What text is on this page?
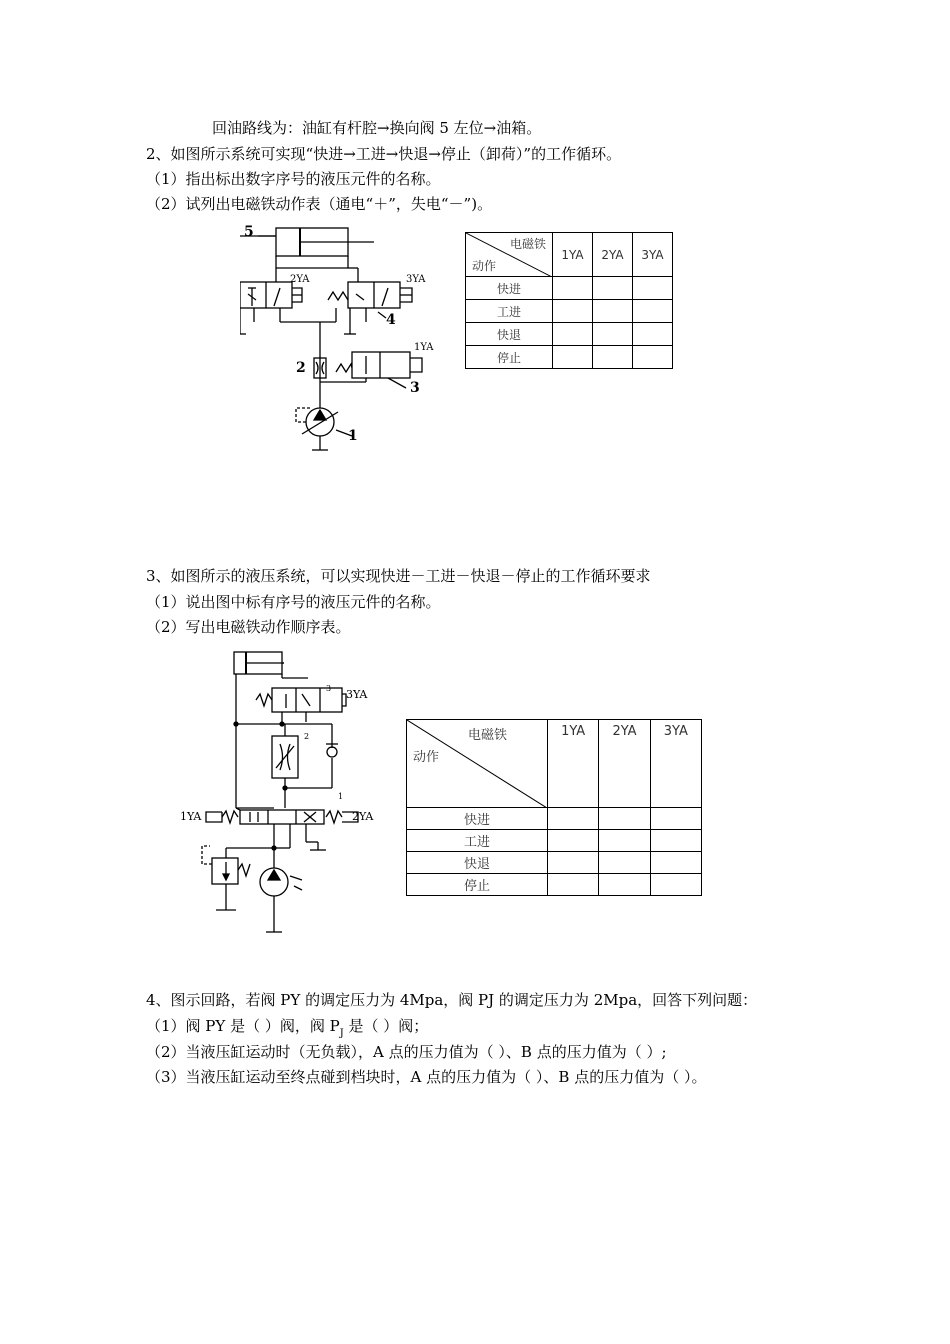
回油路线为：油缸有杆腔→换向阀 5 左位→油箱。
2、如图所示系统可实现“快进→工进→快退→停止（卸荷）”的工作循环。
（1）指出标出数字序号的液压元件的名称。
（2）试列出电磁铁动作表（通电“＋”，失电“－”)。
5
2YA	3YA
4
1YA
2
3
1
电磁铁
动作	1YA	2YA	3YA
快进			
工进			
快退			
停止			
3、如图所示的液压系统，可以实现快进－工进－快退－停止的工作循环要求
（1）说出图中标有序号的液压元件的名称。
（2）写出电磁铁动作顺序表。
3YA
3
2
1
1YA	2YA
电磁铁
动作	1YA	2YA	3YA
快进			
工进			
快退			
停止			
4、图示回路，若阀 PY 的调定压力为 4Mpa，阀 PJ 的调定压力为 2Mpa，回答下列问题：
（1）阀 PY 是（ ）阀，阀 $P_J$ 是（ ）阀；
（2）当液压缸运动时（无负载），A 点的压力值为（ ）、B 点的压力值为（ ）;
（3）当液压缸运动至终点碰到档块时，A 点的压力值为（ ）、B 点的压力值为（ ）。
